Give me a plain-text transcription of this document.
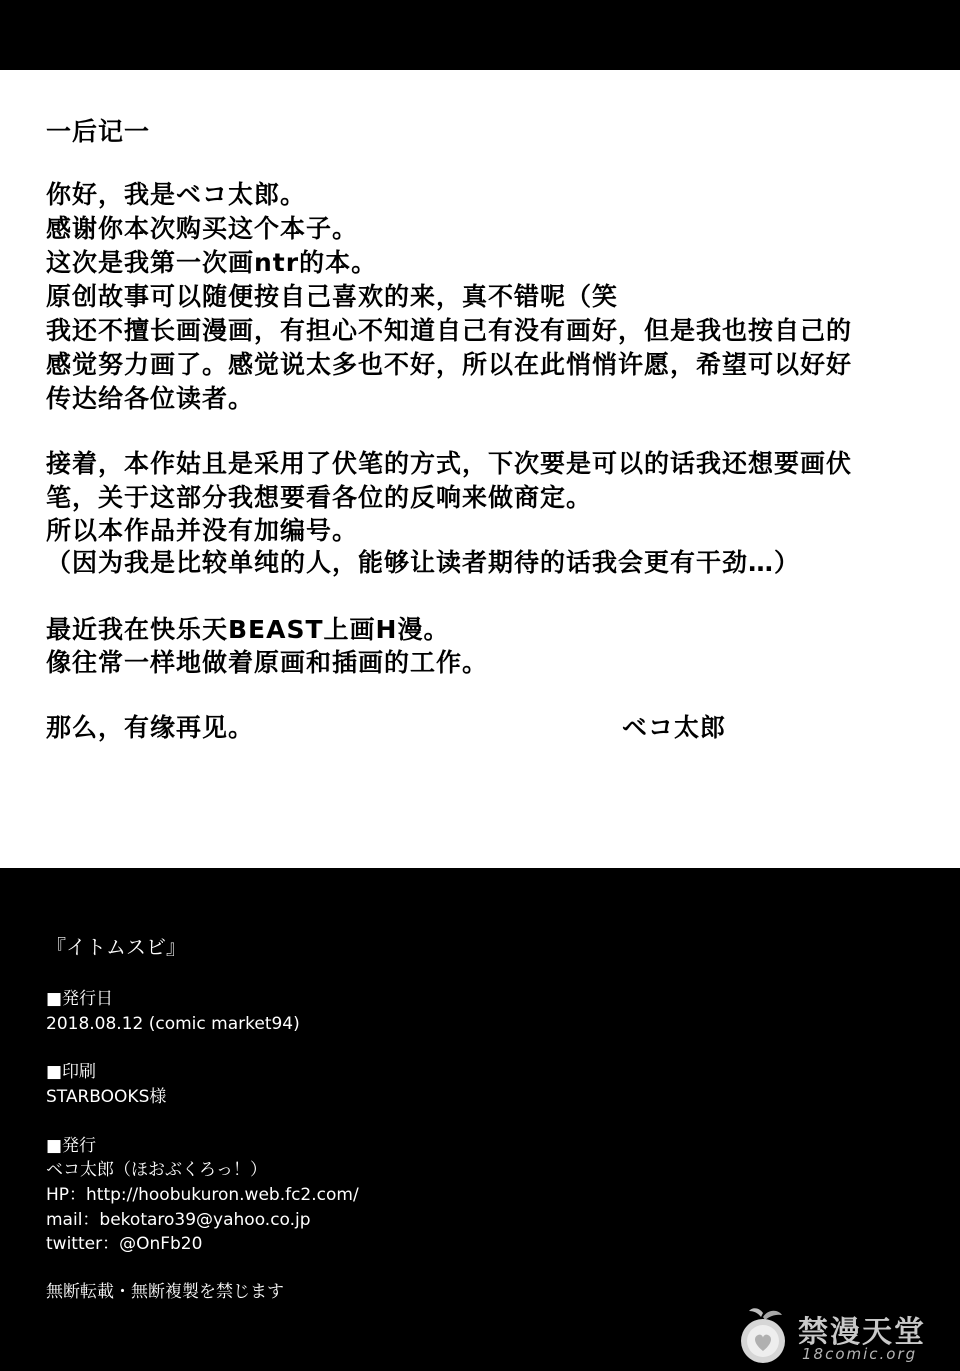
一后记一
你好，我是ベコ太郎。
感谢你本次购买这个本子。
这次是我第一次画ntr的本。
原创故事可以随便按自己喜欢的来，真不错呢（笑
我还不擅长画漫画，有担心不知道自己有没有画好，但是我也按自己的
感觉努力画了。感觉说太多也不好，所以在此悄悄许愿，希望可以好好
传达给各位读者。
接着，本作姑且是采用了伏笔的方式，下次要是可以的话我还想要画伏
笔，关于这部分我想要看各位的反响来做商定。
所以本作品并没有加编号。
（因为我是比较单纯的人，能够让读者期待的话我会更有干劲…）
最近我在快乐天BEAST上画H漫。
像往常一样地做着原画和插画的工作。
那么，有缘再见。	ベコ太郎
『イトムスビ』
■発行日
2018.08.12 (comic market94)
■印刷
STARBOOKS様
■発行
ベコ太郎（ほおぶくろっ！）
HP：http://hoobukuron.web.fc2.com/
mail：bekotaro39@yahoo.co.jp
twitter：@OnFb20
無断転載・無断複製を禁じます
禁漫天堂
18comic.org
